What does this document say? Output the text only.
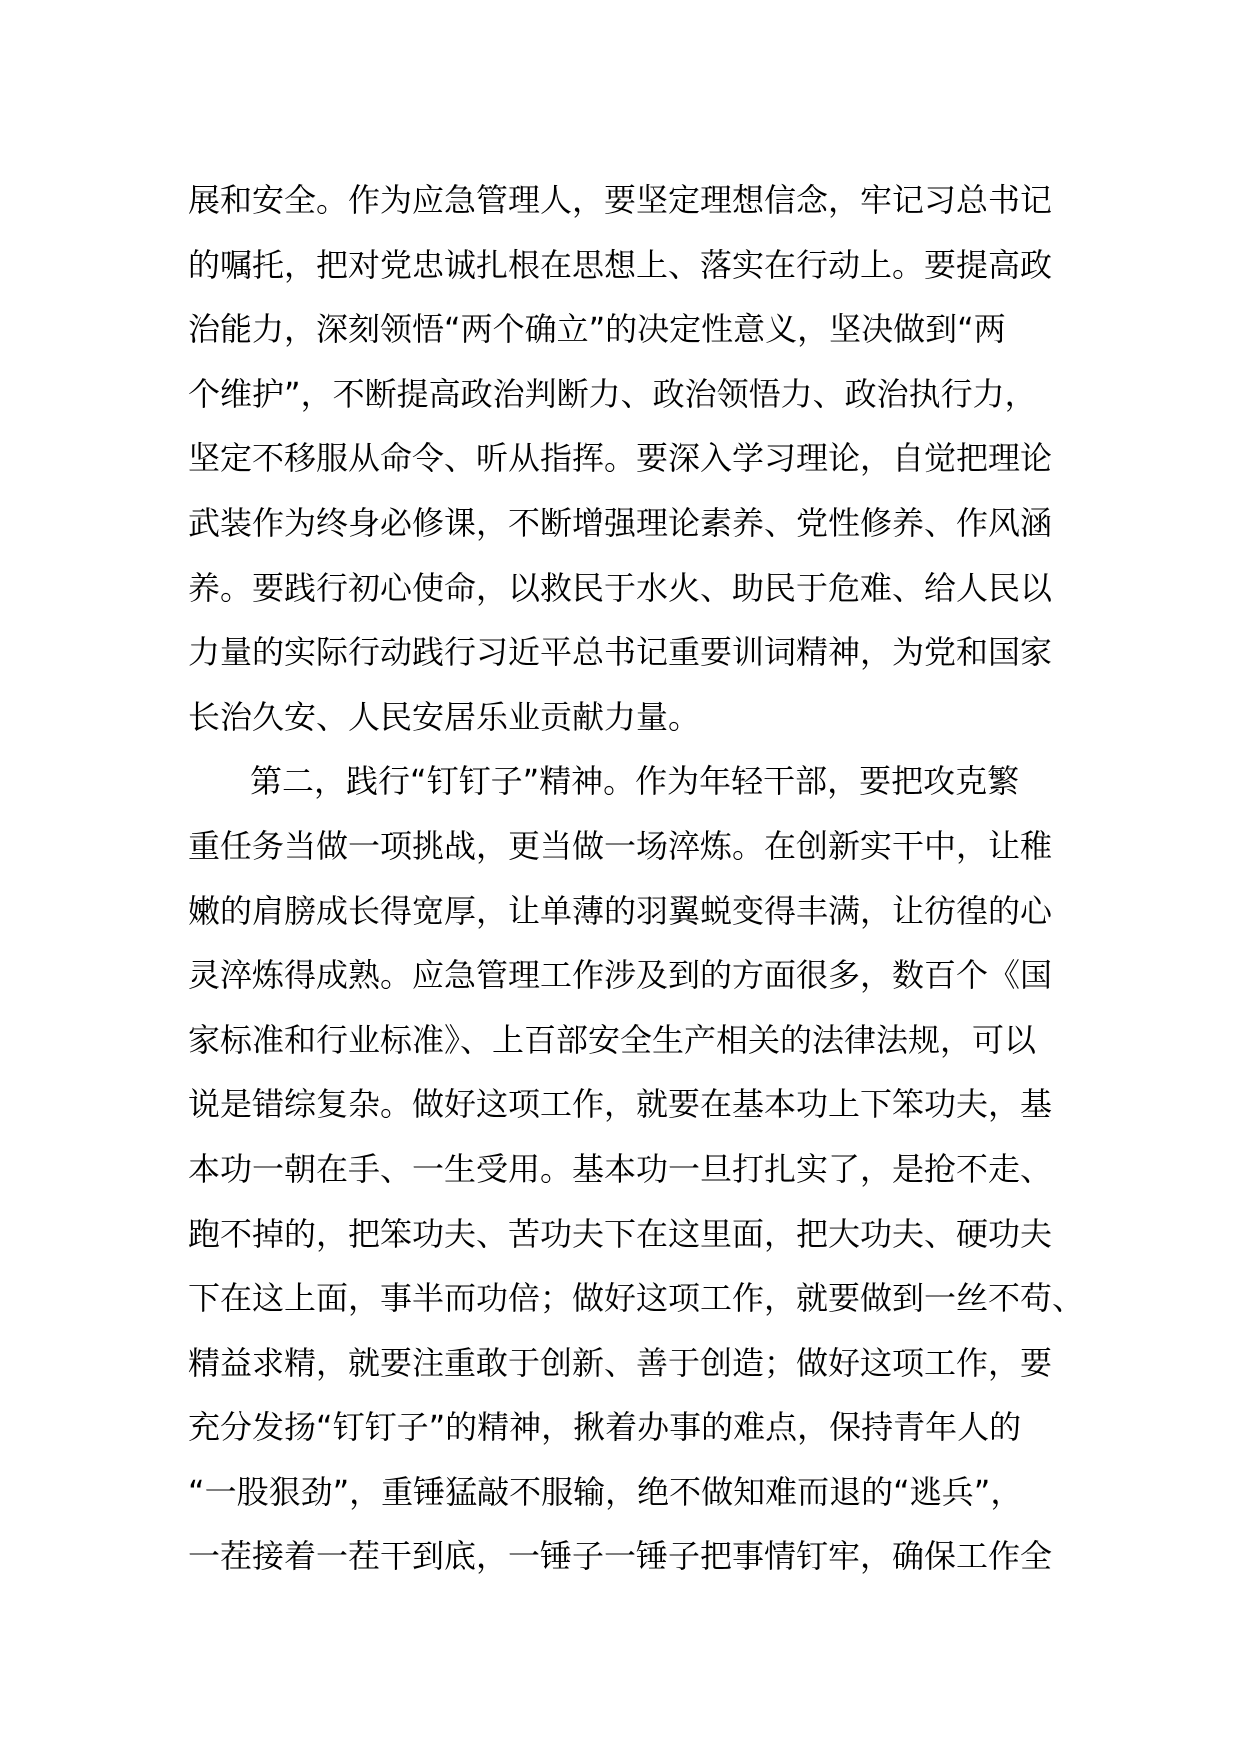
展和安全。作为应急管理人，要坚定理想信念，牢记习总书记
的嘱托，把对党忠诚扎根在思想上、落实在行动上。要提高政
治能力，深刻领悟“两个确立”的决定性意义，坚决做到“两
个维护”，不断提高政治判断力、政治领悟力、政治执行力，
坚定不移服从命令、听从指挥。要深入学习理论，自觉把理论
武装作为终身必修课，不断增强理论素养、党性修养、作风涵
养。要践行初心使命，以救民于水火、助民于危难、给人民以
力量的实际行动践行习近平总书记重要训词精神，为党和国家
长治久安、人民安居乐业贡献力量。
第二，践行“钉钉子”精神。作为年轻干部，要把攻克繁
重任务当做一项挑战，更当做一场淬炼。在创新实干中，让稚
嫩的肩膀成长得宽厚，让单薄的羽翼蜕变得丰满，让彷徨的心
灵淬炼得成熟。应急管理工作涉及到的方面很多，数百个《国
家标准和行业标准》、上百部安全生产相关的法律法规，可以
说是错综复杂。做好这项工作，就要在基本功上下笨功夫，基
本功一朝在手、一生受用。基本功一旦打扎实了，是抢不走、
跑不掉的，把笨功夫、苦功夫下在这里面，把大功夫、硬功夫
下在这上面，事半而功倍；做好这项工作，就要做到一丝不苟、
精益求精，就要注重敢于创新、善于创造；做好这项工作，要
充分发扬“钉钉子”的精神，揪着办事的难点，保持青年人的
“一股狠劲”，重锤猛敲不服输，绝不做知难而退的“逃兵”，
一茬接着一茬干到底，一锤子一锤子把事情钉牢，确保工作全
